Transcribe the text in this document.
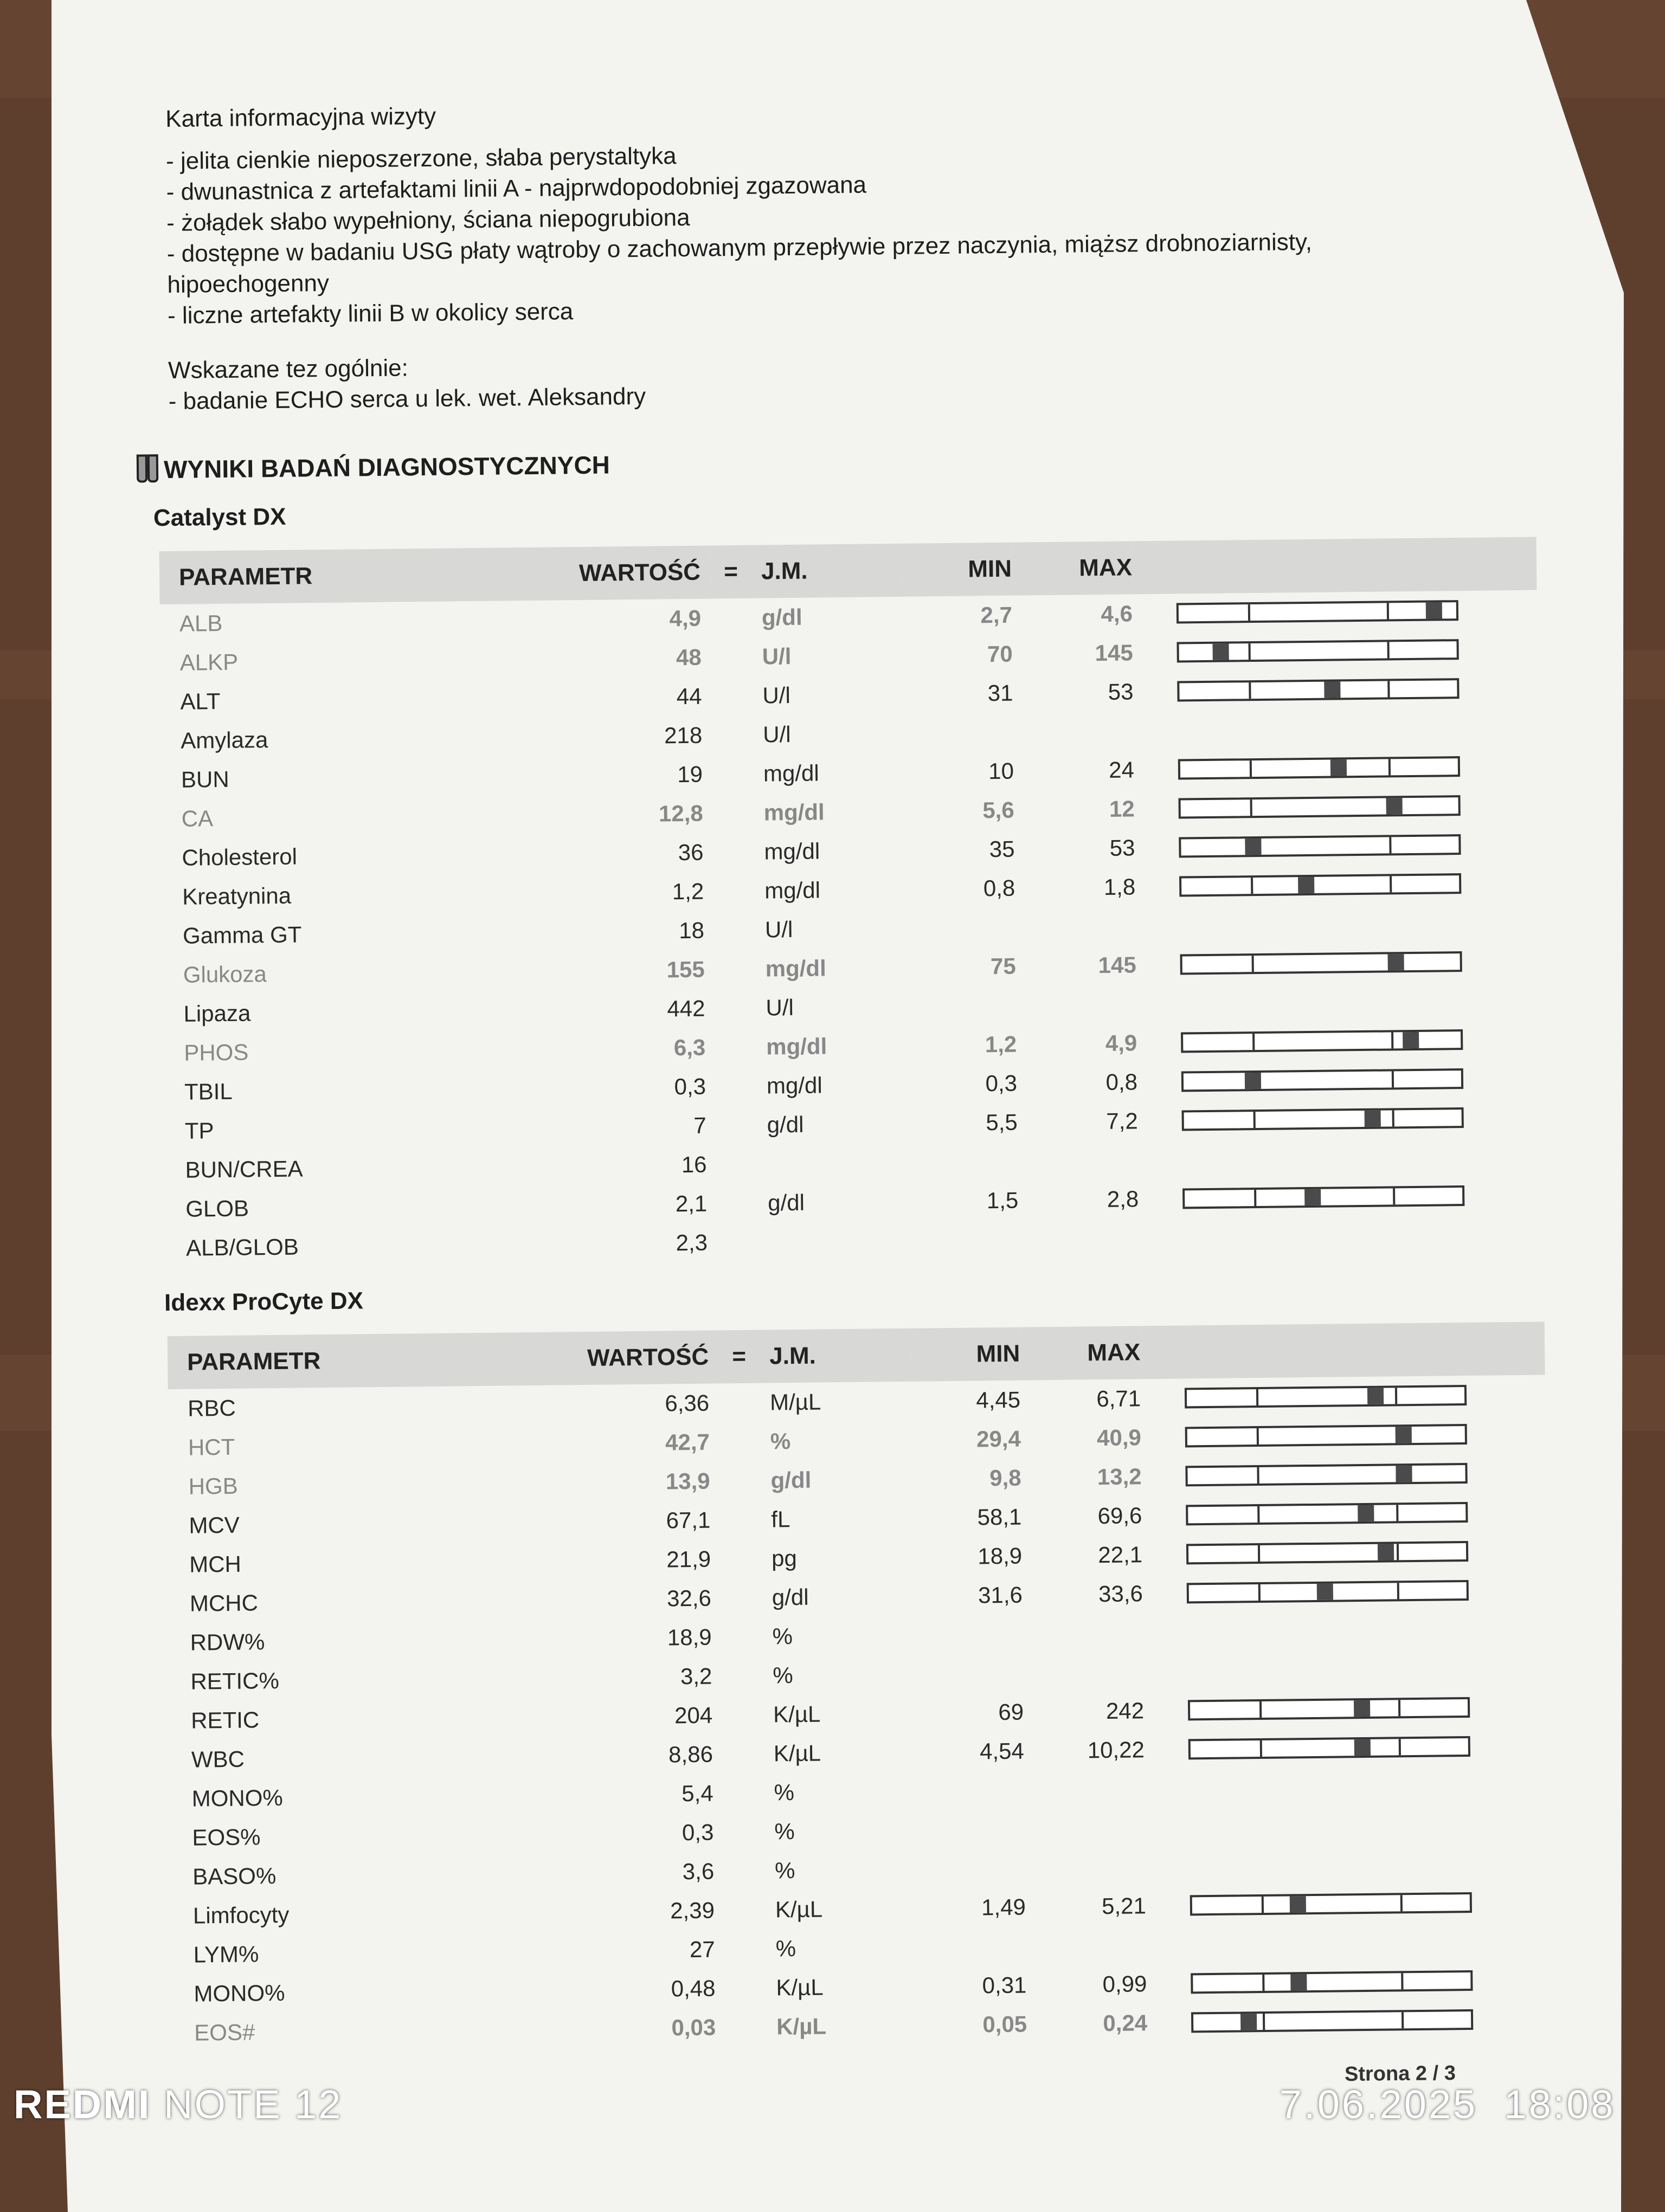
Karta informacyjna wizyty

- jelita cienkie nieposzerzone, słaba perystaltyka

- dwunastnica z artefaktami linii A - najprwdopodobniej zgazowana

- żołądek słabo wypełniony, ściana niepogrubiona

- dostępne w badaniu USG płaty wątroby o zachowanym przepływie przez naczynia, miąższ drobnoziarnisty,

hipoechogenny

- liczne artefakty linii B w okolicy serca

Wskazane tez ogólnie:

- badanie ECHO serca u lek. wet. Aleksandry

WYNIKI BADAŃ DIAGNOSTYCZNYCH
Catalyst DX
PARAMETR	WARTOŚĆ	=	J.M.	MIN	MAX	
ALB	4,9		g/dl	2,7	4,6	

ALKP	48		U/l	70	145	

ALT	44		U/l	31	53	

Amylaza	218		U/l			
BUN	19		mg/dl	10	24	

CA	12,8		mg/dl	5,6	12	

Cholesterol	36		mg/dl	35	53	

Kreatynina	1,2		mg/dl	0,8	1,8	

Gamma GT	18		U/l			
Glukoza	155		mg/dl	75	145	

Lipaza	442		U/l			
PHOS	6,3		mg/dl	1,2	4,9	

TBIL	0,3		mg/dl	0,3	0,8	

TP	7		g/dl	5,5	7,2	

BUN/CREA	16					
GLOB	2,1		g/dl	1,5	2,8	

ALB/GLOB	2,3					
Idexx ProCyte DX
PARAMETR	WARTOŚĆ	=	J.M.	MIN	MAX	
RBC	6,36		M/µL	4,45	6,71	

HCT	42,7		%	29,4	40,9	

HGB	13,9		g/dl	9,8	13,2	

MCV	67,1		fL	58,1	69,6	

MCH	21,9		pg	18,9	22,1	

MCHC	32,6		g/dl	31,6	33,6	

RDW%	18,9		%			
RETIC%	3,2		%			
RETIC	204		K/µL	69	242	

WBC	8,86		K/µL	4,54	10,22	

MONO%	5,4		%			
EOS%	0,3		%			
BASO%	3,6		%			
Limfocyty	2,39		K/µL	1,49	5,21	

LYM%	27		%			
MONO%	0,48		K/µL	0,31	0,99	

EOS#	0,03		K/µL	0,05	0,24	
Strona 2 / 3
REDMI NOTE 12	7.06.2025 18:08
